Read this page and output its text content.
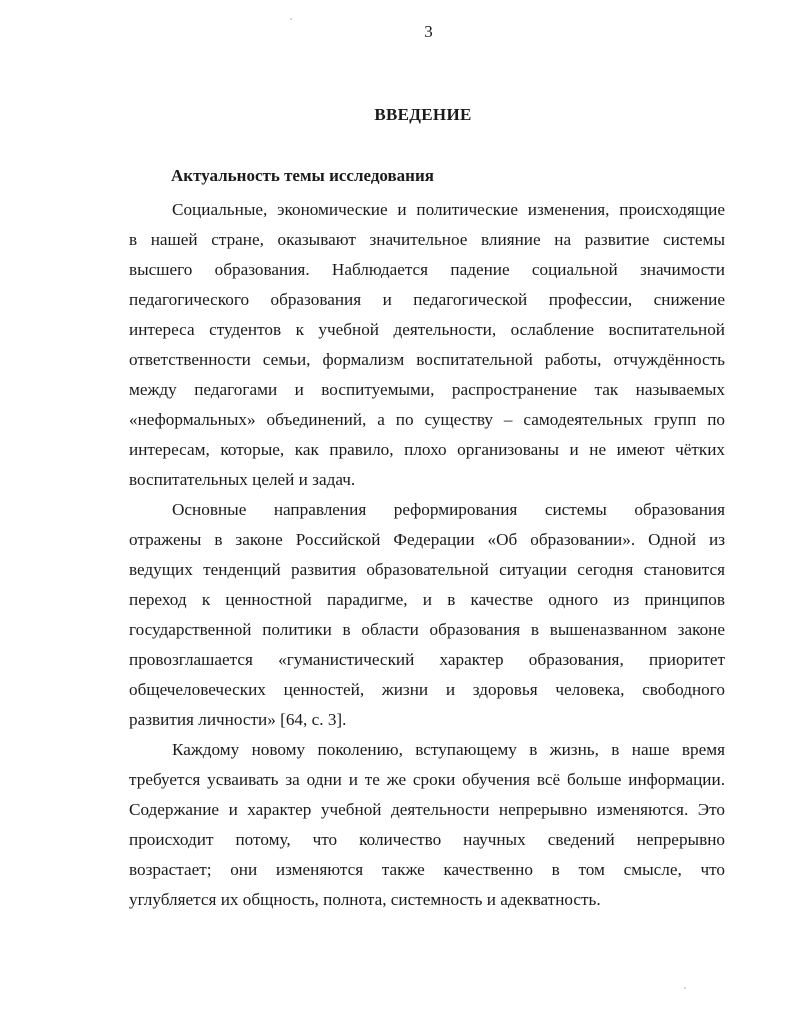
3
ВВЕДЕНИЕ
Актуальность темы исследования
Социальные, экономические и политические изменения, происходящие
в нашей стране, оказывают значительное влияние на развитие системы
высшего образования. Наблюдается падение социальной значимости
педагогического образования и педагогической профессии, снижение
интереса студентов к учебной деятельности, ослабление воспитательной
ответственности семьи, формализм воспитательной работы, отчуждённость
между педагогами и воспитуемыми, распространение так называемых
«неформальных» объединений, а по существу – самодеятельных групп по
интересам, которые, как правило, плохо организованы и не имеют чётких
воспитательных целей и задач.
Основные направления реформирования системы образования
отражены в законе Российской Федерации «Об образовании». Одной из
ведущих тенденций развития образовательной ситуации сегодня становится
переход к ценностной парадигме, и в качестве одного из принципов
государственной политики в области образования в вышеназванном законе
провозглашается «гуманистический характер образования, приоритет
общечеловеческих ценностей, жизни и здоровья человека, свободного
развития личности» [64, с. 3].
Каждому новому поколению, вступающему в жизнь, в наше время
требуется усваивать за одни и те же сроки обучения всё больше информации.
Содержание и характер учебной деятельности непрерывно изменяются. Это
происходит потому, что количество научных сведений непрерывно
возрастает; они изменяются также качественно в том смысле, что
углубляется их общность, полнота, системность и адекватность.
